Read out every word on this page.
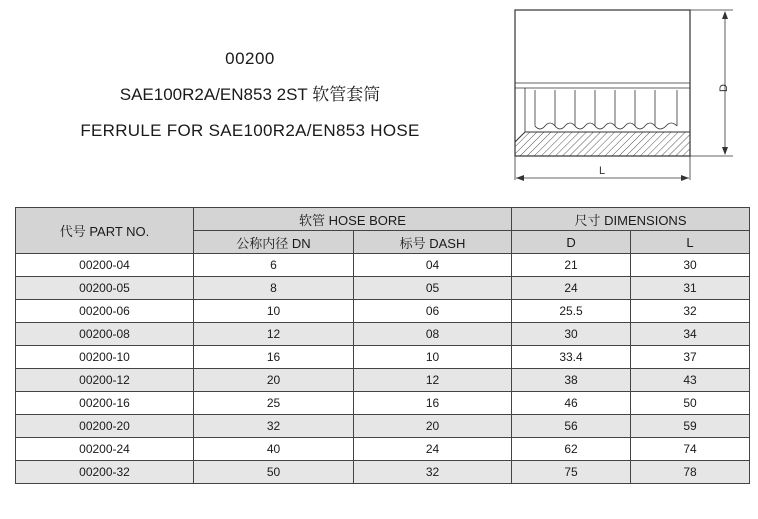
00200
SAE100R2A/EN853 2ST 软管套筒
FERRULE FOR SAE100R2A/EN853 HOSE
D
L
代号 PART NO.	软管 HOSE BORE		尺寸 DIMENSIONS	
	公称内径 DN	标号 DASH	D	L
00200-04	6	04	21	30
00200-05	8	05	24	31
00200-06	10	06	25.5	32
00200-08	12	08	30	34
00200-10	16	10	33.4	37
00200-12	20	12	38	43
00200-16	25	16	46	50
00200-20	32	20	56	59
00200-24	40	24	62	74
00200-32	50	32	75	78
